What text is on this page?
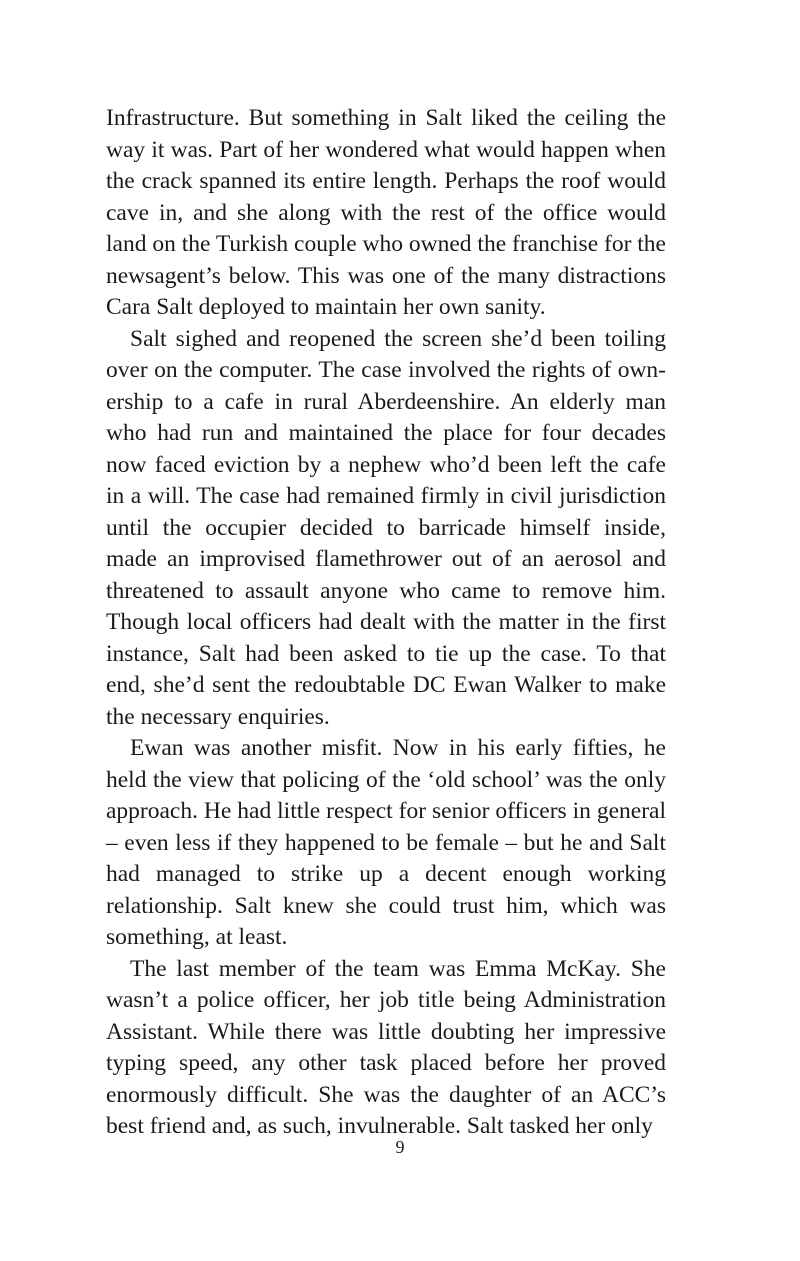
Infrastructure. But something in Salt liked the ceiling the way it was. Part of her wondered what would happen when the crack spanned its entire length. Perhaps the roof would cave in, and she along with the rest of the office would land on the Turkish couple who owned the franchise for the newsagent’s below. This was one of the many distractions Cara Salt deployed to maintain her own sanity.

Salt sighed and reopened the screen she’d been toiling over on the computer. The case involved the rights of ownership to a cafe in rural Aberdeenshire. An elderly man who had run and maintained the place for four decades now faced eviction by a nephew who’d been left the cafe in a will. The case had remained firmly in civil jurisdiction until the occupier decided to barricade himself inside, made an improvised flamethrower out of an aerosol and threatened to assault anyone who came to remove him. Though local officers had dealt with the matter in the first instance, Salt had been asked to tie up the case. To that end, she’d sent the redoubtable DC Ewan Walker to make the necessary enquiries.

Ewan was another misfit. Now in his early fifties, he held the view that policing of the ‘old school’ was the only approach. He had little respect for senior officers in general – even less if they happened to be female – but he and Salt had managed to strike up a decent enough working relationship. Salt knew she could trust him, which was something, at least.

The last member of the team was Emma McKay. She wasn’t a police officer, her job title being Administration Assistant. While there was little doubting her impressive typing speed, any other task placed before her proved enormously difficult. She was the daughter of an ACC’s best friend and, as such, invulnerable. Salt tasked her only

9
